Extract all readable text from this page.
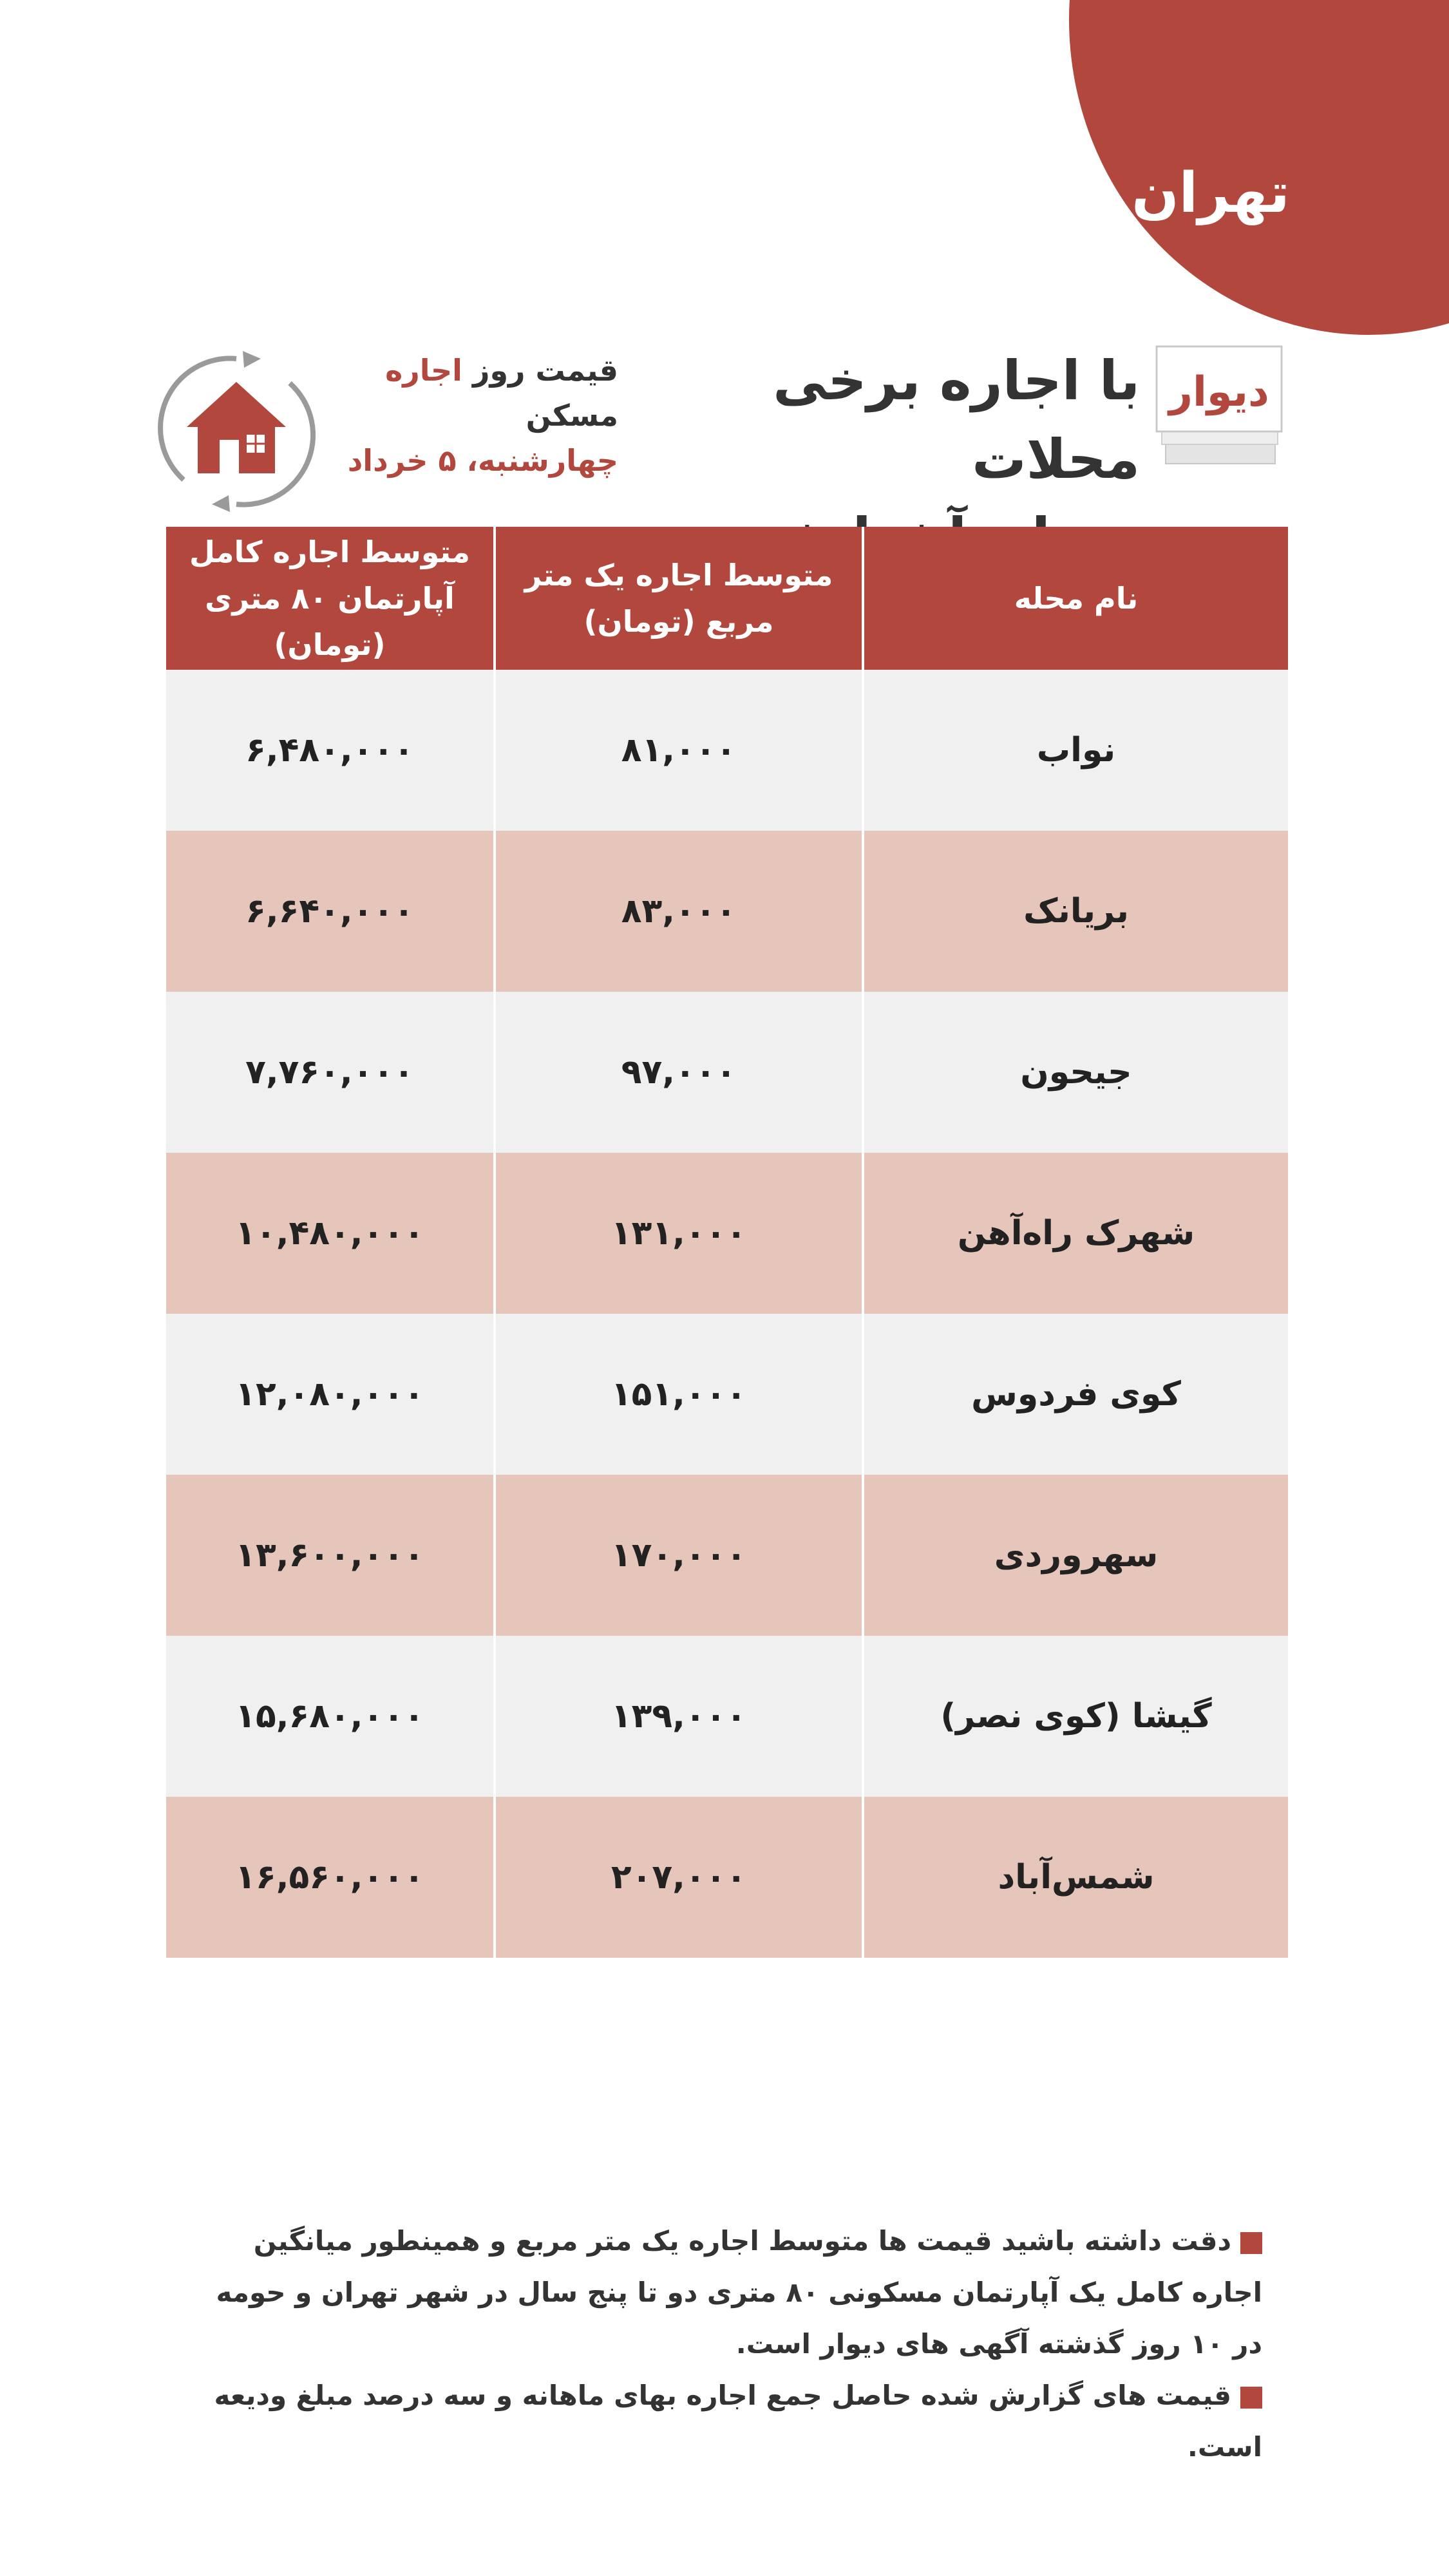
تهران
دیوار
با اجاره برخی محلات
قیمت روز اجاره مسکن
چهارشنبه، ۵ خرداد
نام محله
متوسط اجاره یک متر مربع (تومان)
متوسط اجاره کامل آپارتمان ۸۰ متری (تومان)
نواب
۸۱,۰۰۰
۶,۴۸۰,۰۰۰
بریانک
۸۳,۰۰۰
۶,۶۴۰,۰۰۰
جیحون
۹۷,۰۰۰
۷,۷۶۰,۰۰۰
شهرک راه‌آهن
۱۳۱,۰۰۰
۱۰,۴۸۰,۰۰۰
کوی فردوس
۱۵۱,۰۰۰
۱۲,۰۸۰,۰۰۰
سهروردی
۱۷۰,۰۰۰
۱۳,۶۰۰,۰۰۰
گیشا (کوی نصر)
۱۳۹,۰۰۰
۱۵,۶۸۰,۰۰۰
شمس‌آباد
۲۰۷,۰۰۰
۱۶,۵۶۰,۰۰۰
دقت داشته باشید قیمت ها متوسط اجاره یک متر مربع و همینطور میانگین اجاره کامل یک آپارتمان مسکونی ۸۰ متری دو تا پنج سال در شهر تهران و حومه در ۱۰ روز گذشته آگهی های دیوار است.
قیمت های گزارش شده حاصل جمع اجاره بهای ماهانه و سه درصد مبلغ ودیعه است.
